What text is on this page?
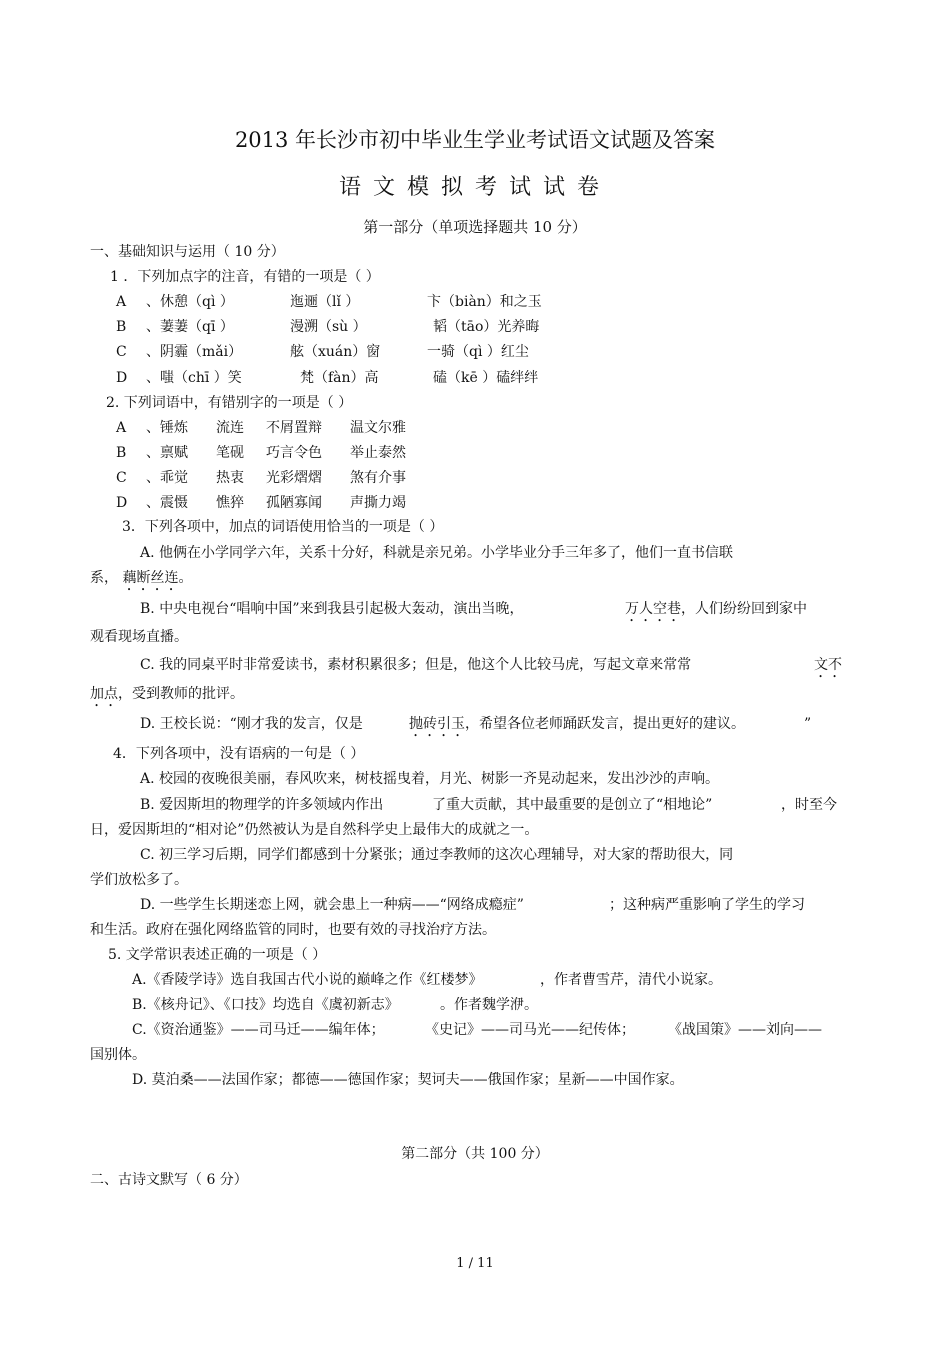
2013 年长沙市初中毕业生学业考试语文试题及答案
语文模拟考试试卷
第一部分（单项选择题共 10 分）
一、基础知识与运用（ 10 分）
1 ．下列加点字的注音，有错的一项是（ ）
A 、休憩（qì ）	迤逦（lǐ ）	卞（biàn）和之玉
B 、萋萋（qī ）	漫溯（sù ）	韬（tāo）光养晦
C 、阴霾（mǎi）	舷（xuán）窗	一骑（qì ）红尘
D 、嗤（chī ）笑	梵（fàn）高	磕（kē ）磕绊绊
2. 下列词语中，有错别字的一项是（ ）
A 、锤炼 流连 不屑置辩 温文尔雅
B 、禀赋 笔砚 巧言令色 举止泰然
C 、乖觉 热衷 光彩熠熠 煞有介事
D 、震慑 憔猝 孤陋寡闻 声撕力竭
3．下列各项中，加点的词语使用恰当的一项是（ ）
A. 他俩在小学同学六年，关系十分好，科就是亲兄弟。小学毕业分手三年多了，他们一直书信联
系， 藕断丝连。
B. 中央电视台“唱响中国”来到我县引起极大轰动，演出当晚，	万人空巷，人们纷纷回到家中
观看现场直播。
C. 我的同桌平时非常爱读书，素材积累很多；但是，他这个人比较马虎，写起文章来常常	文不
加点，受到教师的批评。
D. 王校长说：“刚才我的发言，仅是	抛砖引玉，希望各位老师踊跃发言，提出更好的建议。	”
4．下列各项中，没有语病的一句是（ ）
A. 校园的夜晚很美丽，春风吹来，树枝摇曳着，月光、树影一齐晃动起来，发出沙沙的声响。
B. 爱因斯坦的物理学的许多领域内作出	了重大贡献，其中最重要的是创立了“相地论”	，时至今
日，爱因斯坦的“相对论”仍然被认为是自然科学史上最伟大的成就之一。
C. 初三学习后期，同学们都感到十分紧张；通过李教师的这次心理辅导，对大家的帮助很大，同
学们放松多了。
D. 一些学生长期迷恋上网，就会患上一种病——“网络成瘾症”	；这种病严重影响了学生的学习
和生活。政府在强化网络监管的同时，也要有效的寻找治疗方法。
5. 文学常识表述正确的一项是（ ）
A.《香陵学诗》选自我国古代小说的巅峰之作《红楼梦》	，作者曹雪芹，清代小说家。
B.《核舟记》、《口技》均选自《虞初新志》	。作者魏学洢。
C.《资治通鉴》——司马迁——编年体；	《史记》——司马光——纪传体； 《战国策》——刘向——
国别体。
D. 莫泊桑——法国作家；都德——德国作家；契诃夫——俄国作家；星新——中国作家。
第二部分（共 100 分）
二、古诗文默写（ 6 分）
1 / 11
